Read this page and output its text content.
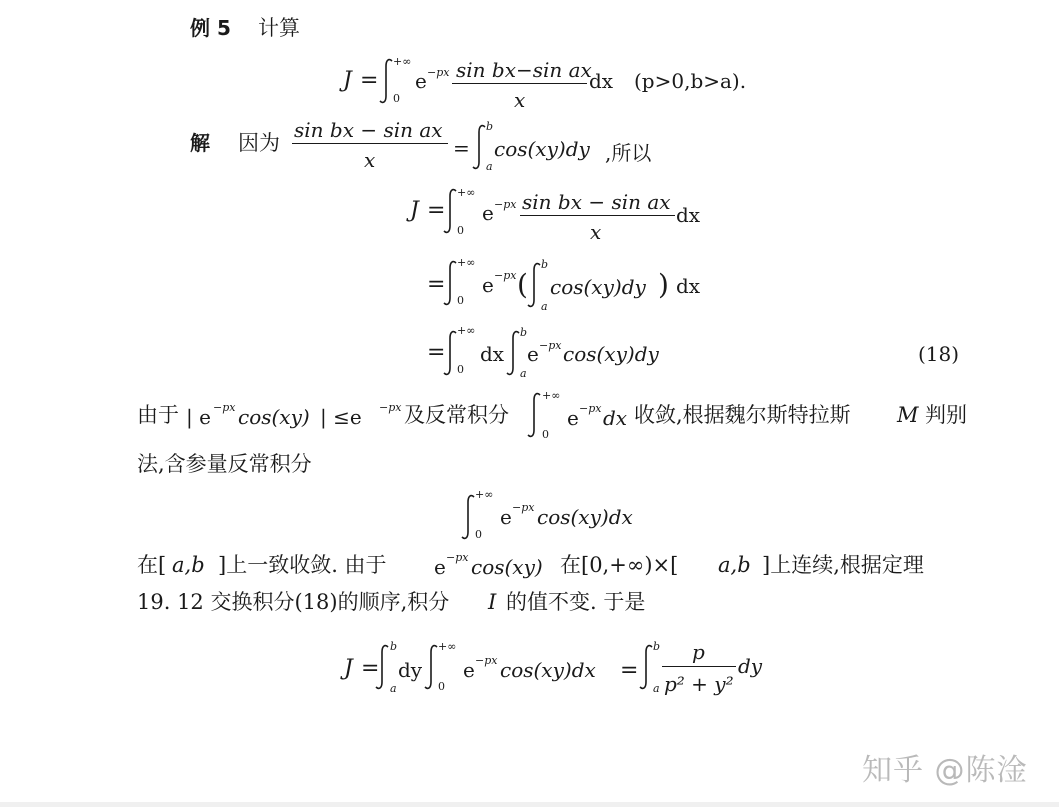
例 5 计算
J =
+∞
0
e −px sin bx−sin ax
x
dx (p>0,b>a).
解 因为
sin bx − sin ax
x	=
b
a
cos(xy)dy ,所以
J =
+∞
0
e −px sin bx − sin ax
x
dx
=
+∞
0
e −px (
b
a
cos(xy)dy ) dx
=
+∞
0
dx
b
a
e −px cos(xy)dy	(18)
由于 | e −px cos(xy) | ≤e −px 及反常积分
+∞
0
e −px dx 收敛,根据魏尔斯特拉斯 M 判别
法,含参量反常积分
+∞
0
e −px cos(xy)dx
在[ a,b ]上一致收敛. 由于 e −px cos(xy) 在[0,+∞)×[ a,b ]上连续,根据定理
19. 12 交换积分(18)的顺序,积分 I 的值不变. 于是
J =
b
a
dy
+∞
0
e −px cos(xy)dx =
b
a
p
p² + y²
dy
知乎 @陈淦
